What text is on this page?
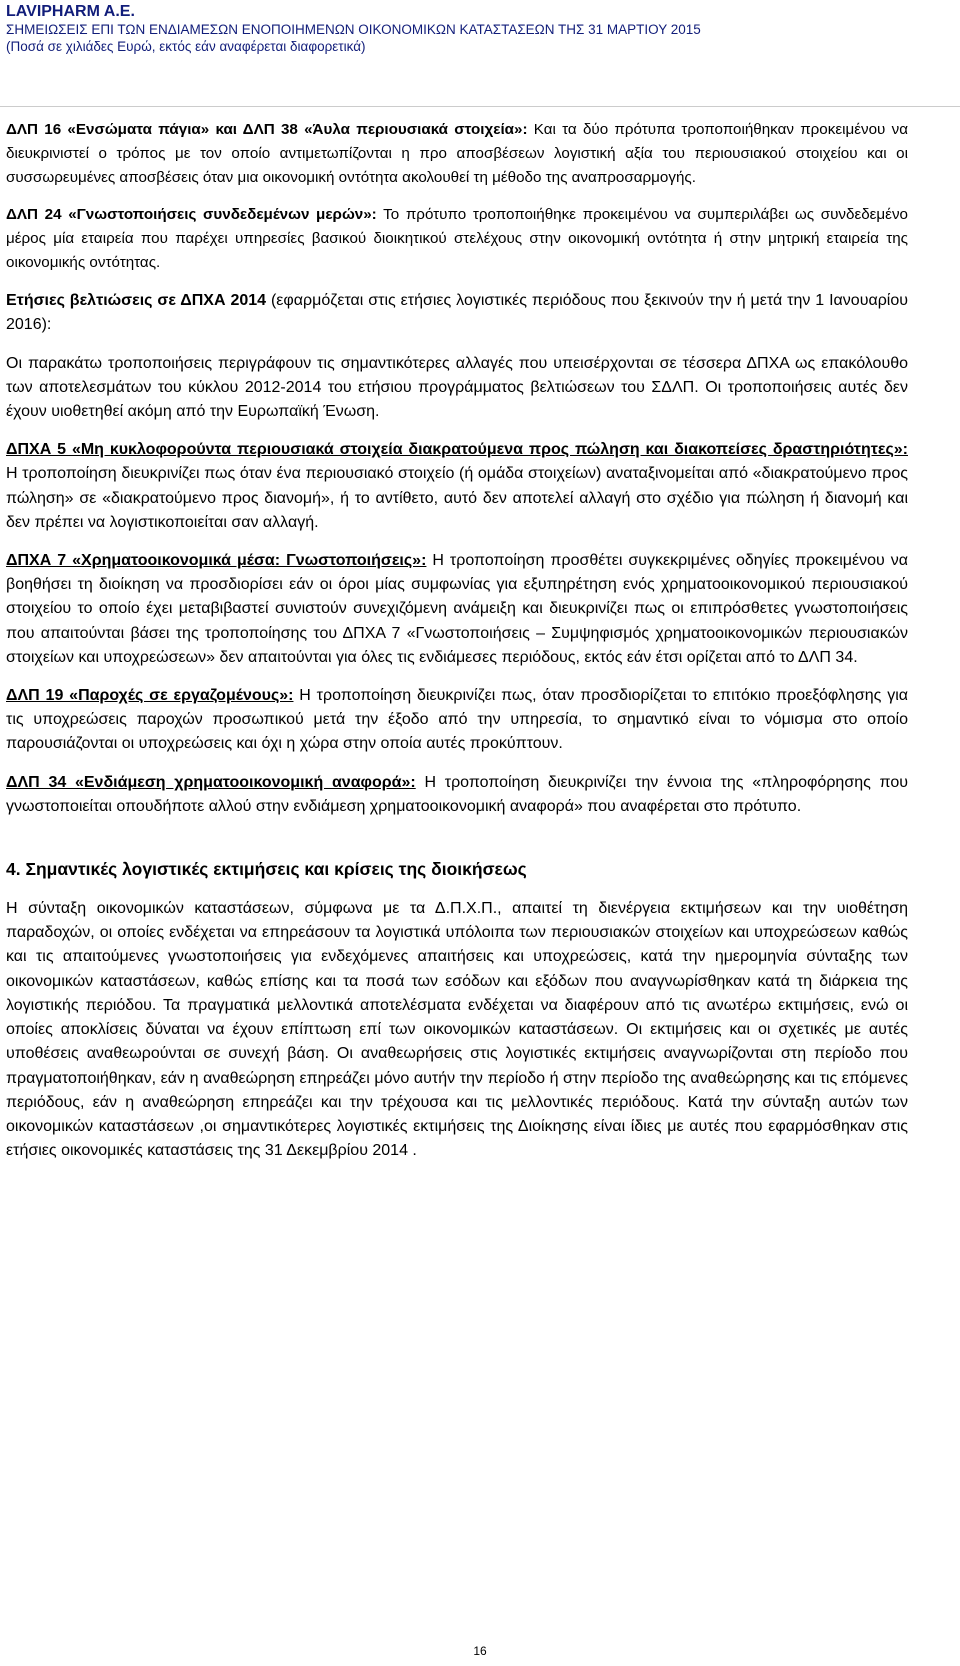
LAVIPHARM A.E.
ΣΗΜΕΙΩΣΕΙΣ ΕΠΙ ΤΩΝ ΕΝΔΙΑΜΕΣΩΝ ΕΝΟΠΟΙΗΜΕΝΩΝ ΟΙΚΟΝΟΜΙΚΩΝ ΚΑΤΑΣΤΑΣΕΩΝ ΤΗΣ 31 ΜΑΡΤΙΟΥ 2015
(Ποσά σε χιλιάδες Ευρώ, εκτός εάν αναφέρεται διαφορετικά)

ΔΛΠ 16 «Ενσώματα πάγια» και ΔΛΠ 38 «Άυλα περιουσιακά στοιχεία»: Και τα δύο πρότυπα τροποποιήθηκαν προκειμένου να διευκρινιστεί ο τρόπος με τον οποίο αντιμετωπίζονται η προ αποσβέσεων λογιστική αξία του περιουσιακού στοιχείου και οι συσσωρευμένες αποσβέσεις όταν μια οικονομική οντότητα ακολουθεί τη μέθοδο της αναπροσαρμογής.

ΔΛΠ 24 «Γνωστοποιήσεις συνδεδεμένων μερών»: Το πρότυπο τροποποιήθηκε προκειμένου να συμπεριλάβει ως συνδεδεμένο μέρος μία εταιρεία που παρέχει υπηρεσίες βασικού διοικητικού στελέχους στην οικονομική οντότητα ή στην μητρική εταιρεία της οικονομικής οντότητας.

Ετήσιες βελτιώσεις σε ΔΠΧΑ 2014 (εφαρμόζεται στις ετήσιες λογιστικές περιόδους που ξεκινούν την ή μετά την 1 Ιανουαρίου 2016):

Οι παρακάτω τροποποιήσεις περιγράφουν τις σημαντικότερες αλλαγές που υπεισέρχονται σε τέσσερα ΔΠΧΑ ως επακόλουθο των αποτελεσμάτων του κύκλου 2012-2014 του ετήσιου προγράμματος βελτιώσεων του ΣΔΛΠ. Οι τροποποιήσεις αυτές δεν έχουν υιοθετηθεί ακόμη από την Ευρωπαϊκή Ένωση.

ΔΠΧΑ 5 «Μη κυκλοφορούντα περιουσιακά στοιχεία διακρατούμενα προς πώληση και διακοπείσες δραστηριότητες»: Η τροποποίηση διευκρινίζει πως όταν ένα περιουσιακό στοιχείο (ή ομάδα στοιχείων) αναταξινομείται από «διακρατούμενο προς πώληση» σε «διακρατούμενο προς διανομή», ή το αντίθετο, αυτό δεν αποτελεί αλλαγή στο σχέδιο για πώληση ή διανομή και δεν πρέπει να λογιστικοποιείται σαν αλλαγή.

ΔΠΧΑ 7 «Χρηματοοικονομικά μέσα: Γνωστοποιήσεις»: Η τροποποίηση προσθέτει συγκεκριμένες οδηγίες προκειμένου να βοηθήσει τη διοίκηση να προσδιορίσει εάν οι όροι μίας συμφωνίας για εξυπηρέτηση ενός χρηματοοικονομικού περιουσιακού στοιχείου το οποίο έχει μεταβιβαστεί συνιστούν συνεχιζόμενη ανάμειξη και διευκρινίζει πως οι επιπρόσθετες γνωστοποιήσεις που απαιτούνται βάσει της τροποποίησης του ΔΠΧΑ 7 «Γνωστοποιήσεις – Συμψηφισμός χρηματοοικονομικών περιουσιακών στοιχείων και υποχρεώσεων» δεν απαιτούνται για όλες τις ενδιάμεσες περιόδους, εκτός εάν έτσι ορίζεται από το ΔΛΠ 34.

ΔΛΠ 19 «Παροχές σε εργαζομένους»: Η τροποποίηση διευκρινίζει πως, όταν προσδιορίζεται το επιτόκιο προεξόφλησης για τις υποχρεώσεις παροχών προσωπικού μετά την έξοδο από την υπηρεσία, το σημαντικό είναι το νόμισμα στο οποίο παρουσιάζονται οι υποχρεώσεις και όχι η χώρα στην οποία αυτές προκύπτουν.

ΔΛΠ 34 «Ενδιάμεση χρηματοοικονομική αναφορά»: Η τροποποίηση διευκρινίζει την έννοια της «πληροφόρησης που γνωστοποιείται οπουδήποτε αλλού στην ενδιάμεση χρηματοοικονομική αναφορά» που αναφέρεται στο πρότυπο.

4. Σημαντικές λογιστικές εκτιμήσεις και κρίσεις της διοικήσεως

Η σύνταξη οικονομικών καταστάσεων, σύμφωνα με τα Δ.Π.Χ.Π., απαιτεί τη διενέργεια εκτιμήσεων και την υιοθέτηση παραδοχών, οι οποίες ενδέχεται να επηρεάσουν τα λογιστικά υπόλοιπα των περιουσιακών στοιχείων και υποχρεώσεων καθώς και τις απαιτούμενες γνωστοποιήσεις για ενδεχόμενες απαιτήσεις και υποχρεώσεις, κατά την ημερομηνία σύνταξης των οικονομικών καταστάσεων, καθώς επίσης και τα ποσά των εσόδων και εξόδων που αναγνωρίσθηκαν κατά τη διάρκεια της λογιστικής περιόδου. Τα πραγματικά μελλοντικά αποτελέσματα ενδέχεται να διαφέρουν από τις ανωτέρω εκτιμήσεις, ενώ οι οποίες αποκλίσεις δύναται να έχουν επίπτωση επί των οικονομικών καταστάσεων. Οι εκτιμήσεις και οι σχετικές με αυτές υποθέσεις αναθεωρούνται σε συνεχή βάση. Οι αναθεωρήσεις στις λογιστικές εκτιμήσεις αναγνωρίζονται στη περίοδο που πραγματοποιήθηκαν, εάν η αναθεώρηση επηρεάζει μόνο αυτήν την περίοδο ή στην περίοδο της αναθεώρησης και τις επόμενες περιόδους, εάν η αναθεώρηση επηρεάζει και την τρέχουσα και τις μελλοντικές περιόδους. Κατά την σύνταξη αυτών των οικονομικών καταστάσεων ,οι σημαντικότερες λογιστικές εκτιμήσεις της Διοίκησης είναι ίδιες με αυτές που εφαρμόσθηκαν στις ετήσιες οικονομικές καταστάσεις της 31 Δεκεμβρίου 2014 .

16
